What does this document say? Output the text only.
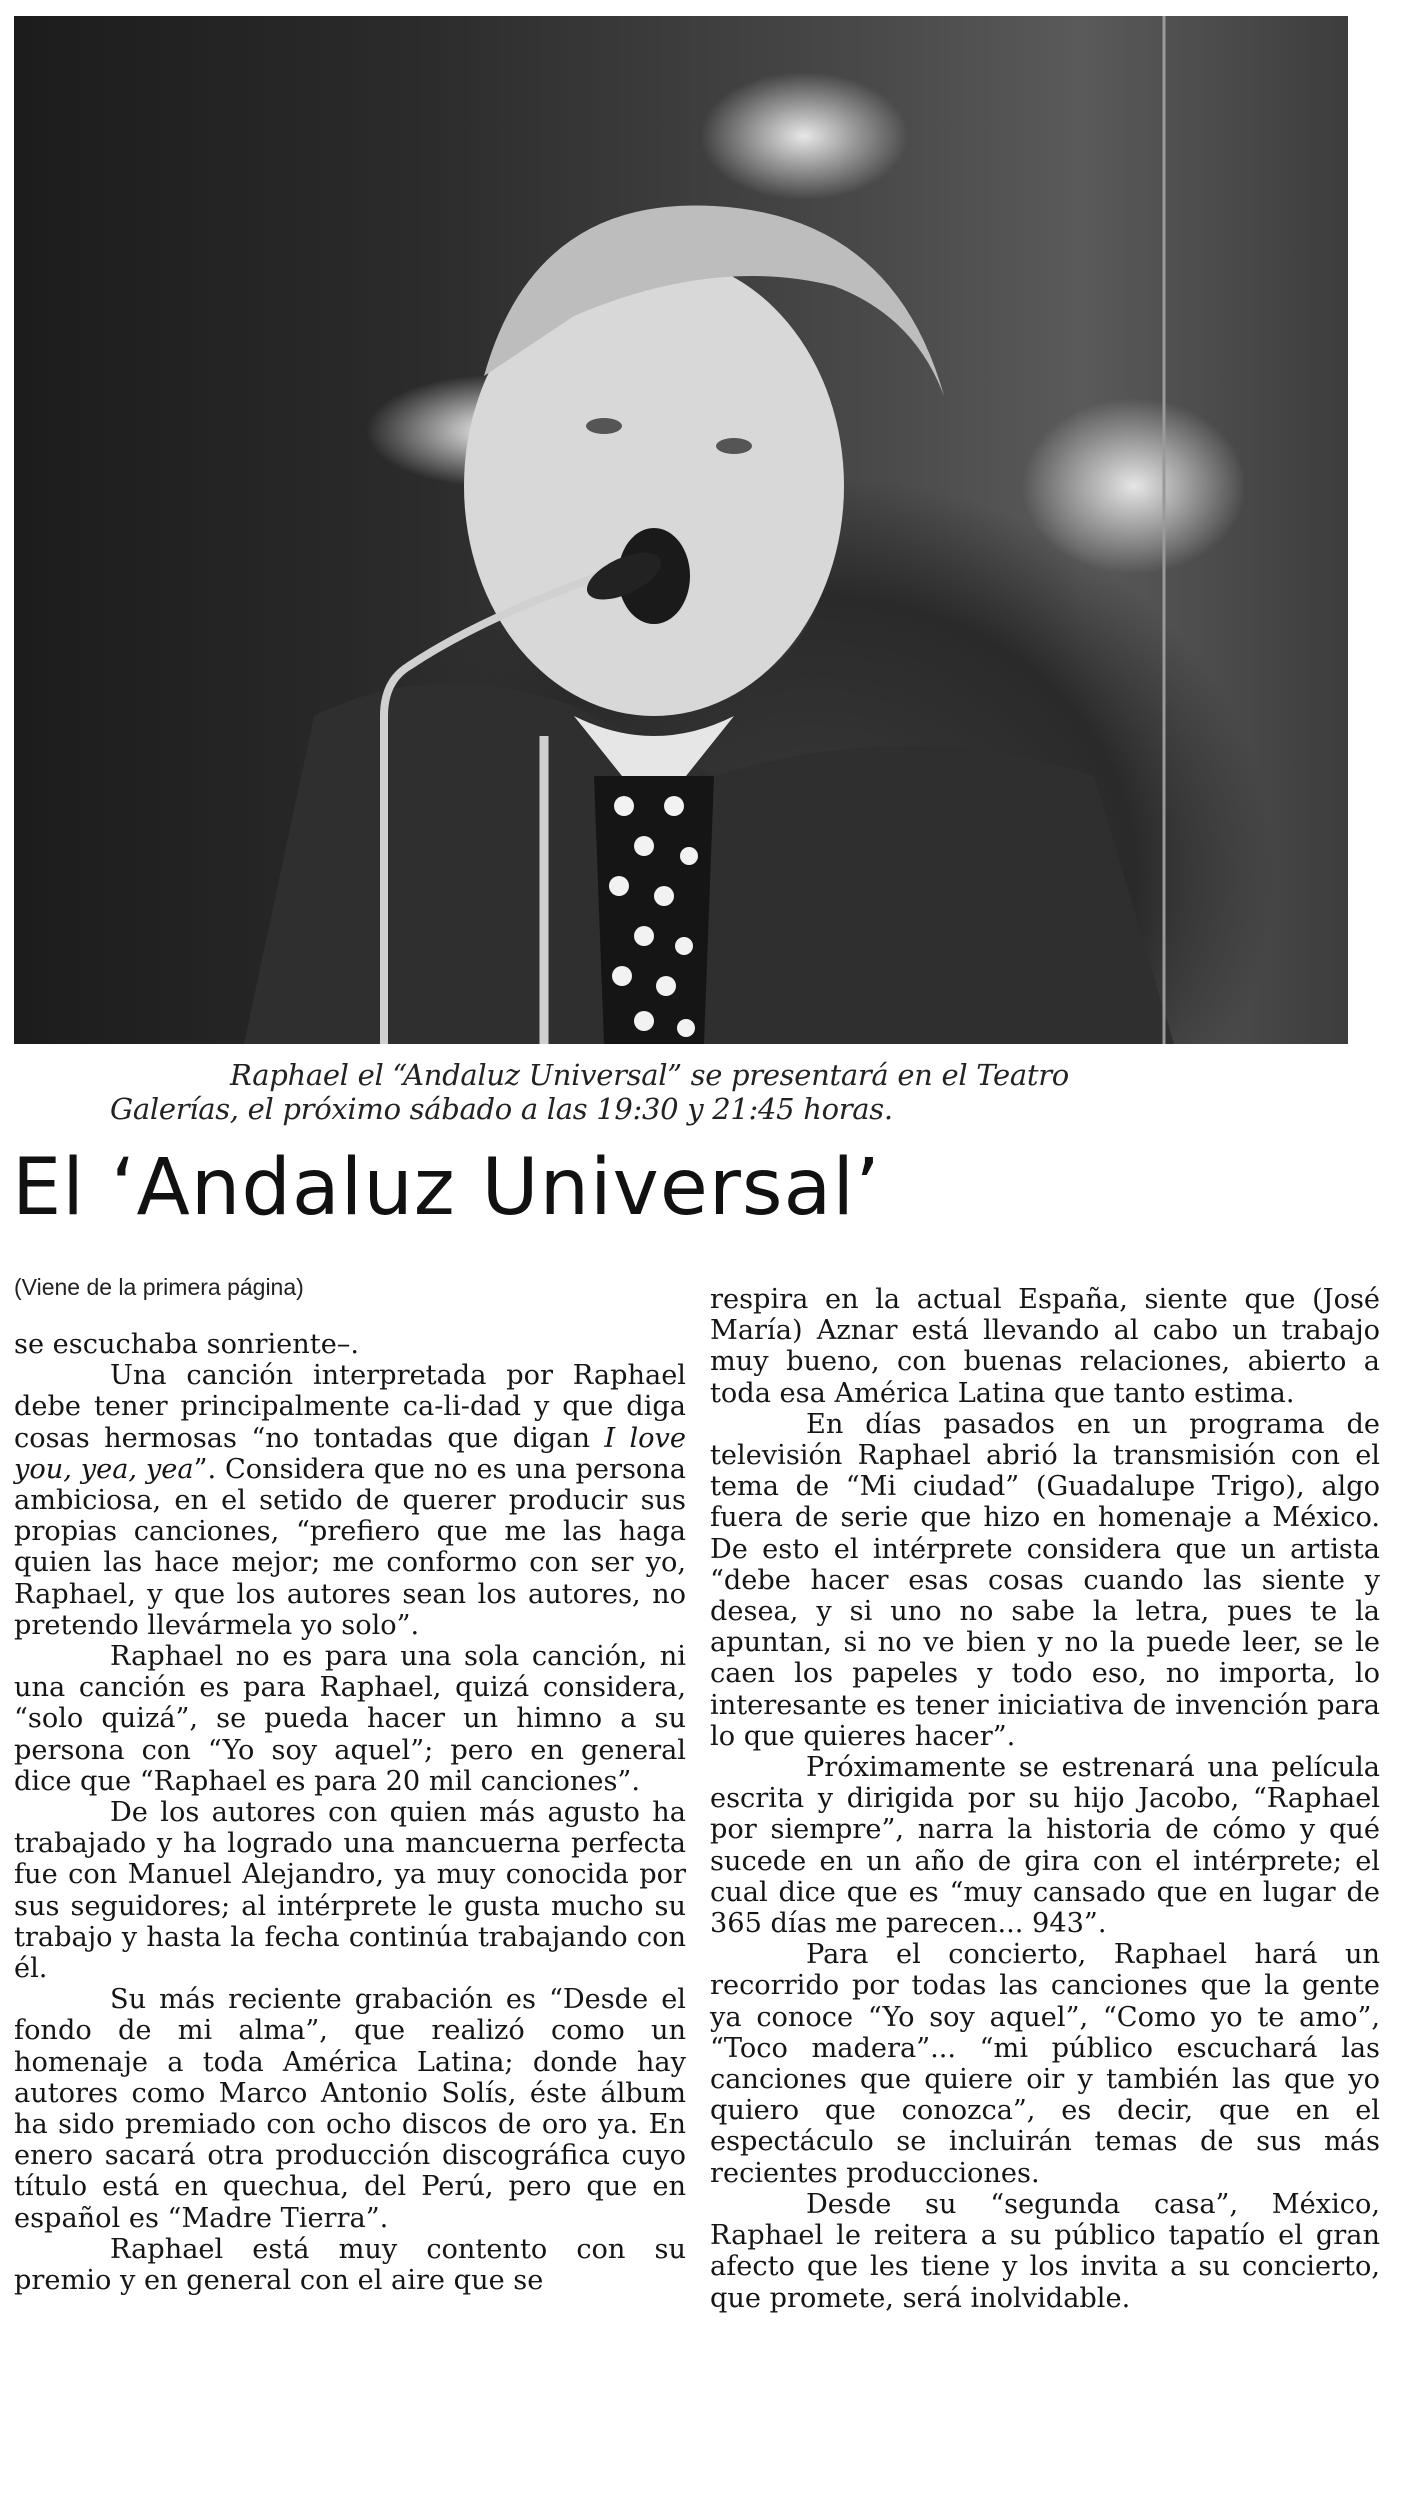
Raphael el “Andaluz Universal” se presentará en el Teatro
Galerías, el próximo sábado a las 19:30 y 21:45 horas.
El ‘Andaluz Universal’
(Viene de la primera página)

se escuchaba sonriente–.

Una canción interpretada por Raphael debe tener principalmente ca-li-dad y que diga cosas hermosas “no tontadas que digan I love you, yea, yea”. Considera que no es una persona ambiciosa, en el setido de querer producir sus propias canciones, “prefiero que me las haga quien las hace mejor; me conformo con ser yo, Raphael, y que los autores sean los autores, no pretendo llevármela yo solo”.

Raphael no es para una sola canción, ni una canción es para Raphael, quizá considera, “solo quizá”, se pueda hacer un himno a su persona con “Yo soy aquel”; pero en general dice que “Raphael es para 20 mil canciones”.

De los autores con quien más agusto ha trabajado y ha logrado una mancuerna perfecta fue con Manuel Alejandro, ya muy conocida por sus seguidores; al intérprete le gusta mucho su trabajo y hasta la fecha continúa trabajando con él.

Su más reciente grabación es “Desde el fondo de mi alma”, que realizó como un homenaje a toda América Latina; donde hay autores como Marco Antonio Solís, éste álbum ha sido premiado con ocho discos de oro ya. En enero sacará otra producción discográfica cuyo título está en quechua, del Perú, pero que en español es “Madre Tierra”.

Raphael está muy contento con su premio y en general con el aire que se

respira en la actual España, siente que (José María) Aznar está llevando al cabo un trabajo muy bueno, con buenas relaciones, abierto a toda esa América Latina que tanto estima.

En días pasados en un programa de televisión Raphael abrió la transmisión con el tema de “Mi ciudad” (Guadalupe Trigo), algo fuera de serie que hizo en homenaje a México. De esto el intérprete considera que un artista “debe hacer esas cosas cuando las siente y desea, y si uno no sabe la letra, pues te la apuntan, si no ve bien y no la puede leer, se le caen los papeles y todo eso, no importa, lo interesante es tener iniciativa de invención para lo que quieres hacer”.

Próximamente se estrenará una película escrita y dirigida por su hijo Jacobo, “Raphael por siempre”, narra la historia de cómo y qué sucede en un año de gira con el intérprete; el cual dice que es “muy cansado que en lugar de 365 días me parecen... 943”.

Para el concierto, Raphael hará un recorrido por todas las canciones que la gente ya conoce “Yo soy aquel”, “Como yo te amo”, “Toco madera”... “mi público escuchará las canciones que quiere oir y también las que yo quiero que conozca”, es decir, que en el espectáculo se incluirán temas de sus más recientes producciones.

Desde su “segunda casa”, México, Raphael le reitera a su público tapatío el gran afecto que les tiene y los invita a su concierto, que promete, será inolvidable.
